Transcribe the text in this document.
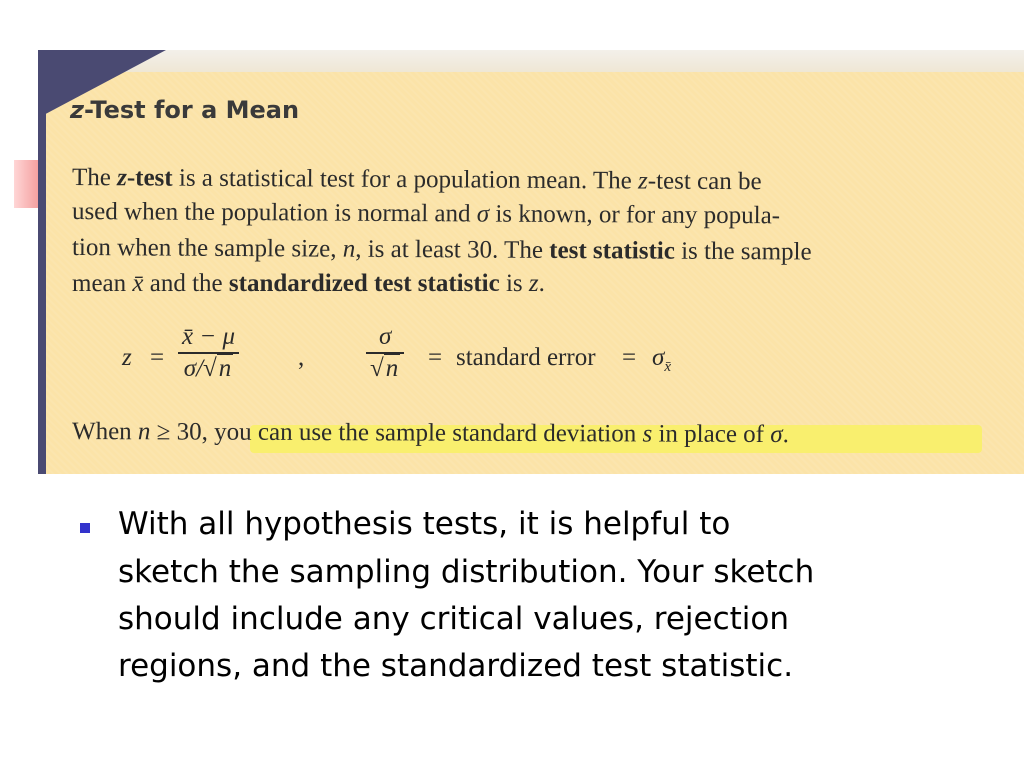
z-Test for a Mean

The z-test is a statistical test for a population mean. The z-test can be

used when the population is normal and σ is known, or for any popula-

tion when the sample size, n, is at least 30. The test statistic is the sample

mean x̄ and the standardized test statistic is z.

z =
x̄ − μ
σ/√n	,
σ
√n = standard error = $\sigma_{x̄}$

When n ≥ 30, you can use the sample standard deviation s in place of σ.

With all hypothesis tests, it is helpful to

sketch the sampling distribution. Your sketch

should include any critical values, rejection

regions, and the standardized test statistic.
